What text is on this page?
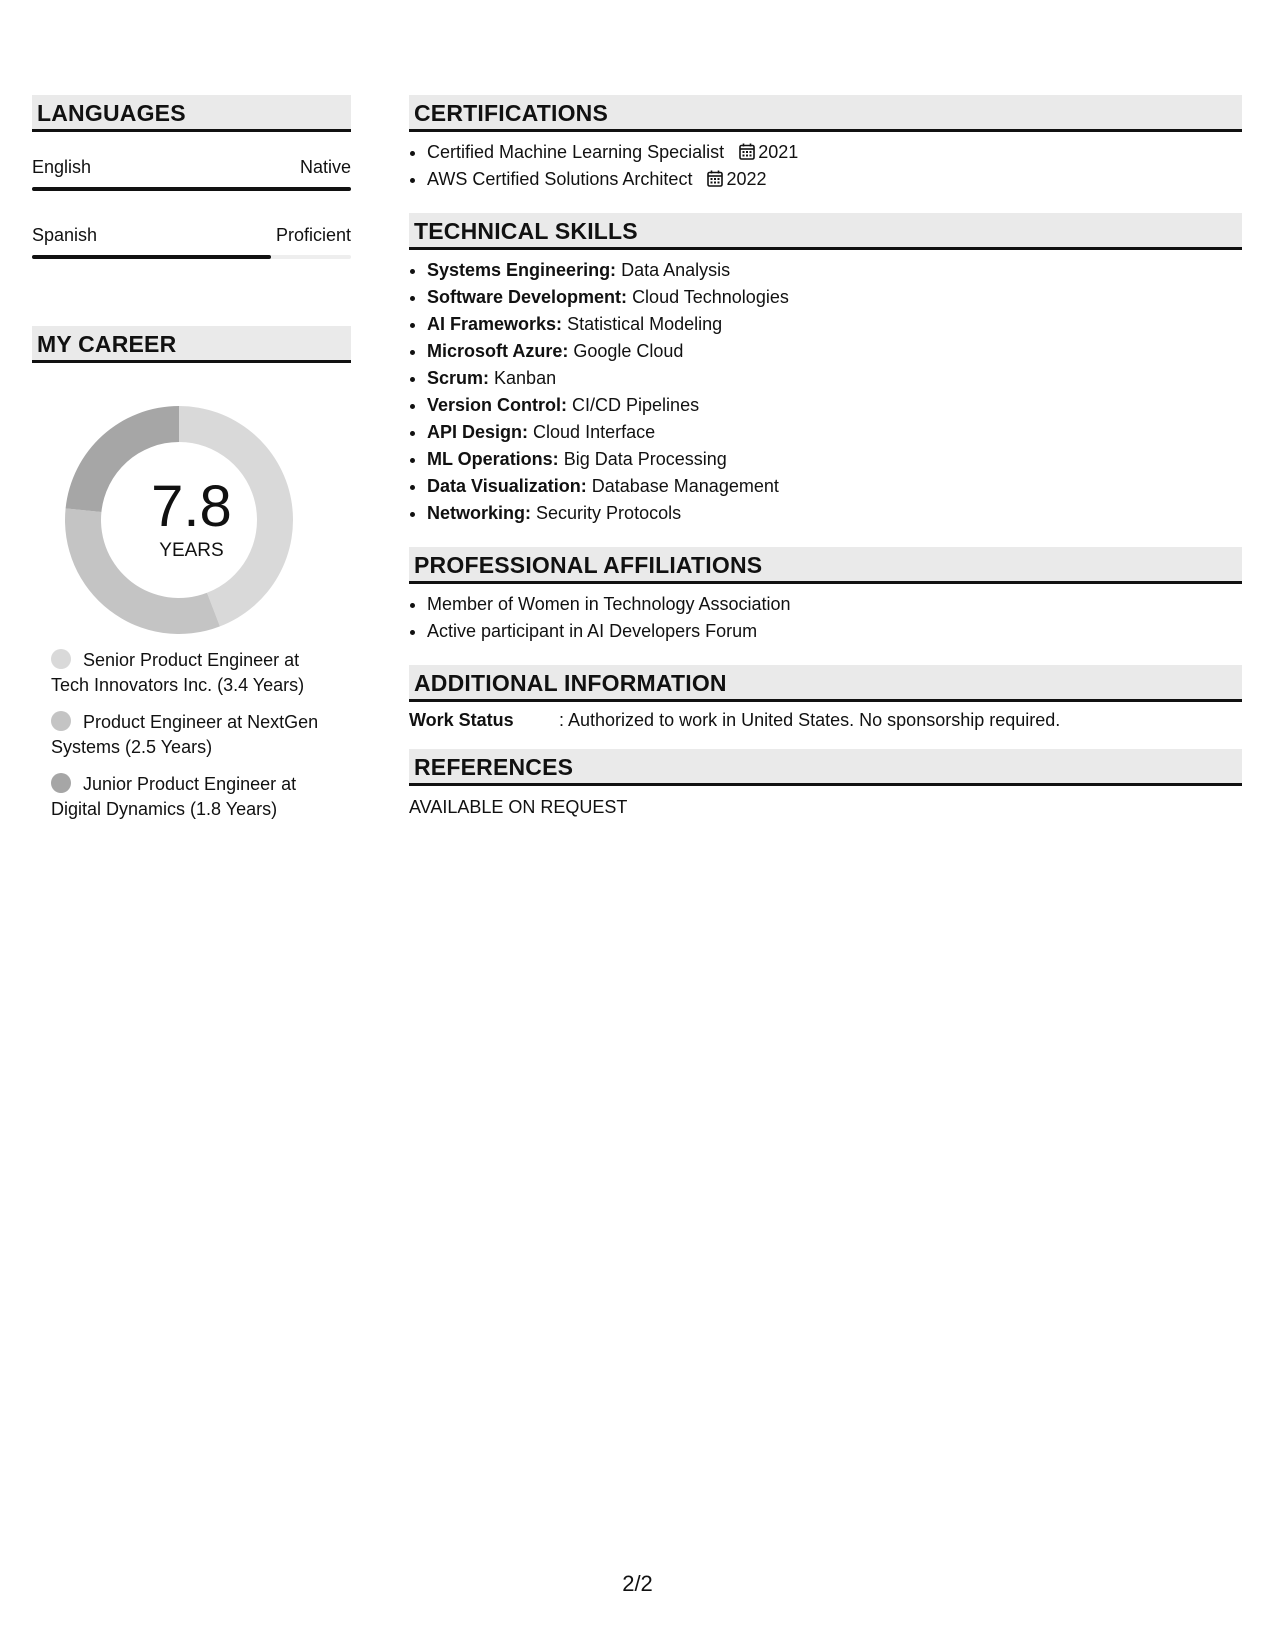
LANGUAGES
English	Native
Spanish	Proficient
MY CAREER
7.8
YEARS
Senior Product Engineer at Tech Innovators Inc. (3.4 Years)
Product Engineer at NextGen Systems (2.5 Years)
Junior Product Engineer at Digital Dynamics (1.8 Years)
CERTIFICATIONS
• Certified Machine Learning Specialist 2021
• AWS Certified Solutions Architect 2022
TECHNICAL SKILLS
• Systems Engineering: Data Analysis
• Software Development: Cloud Technologies
• AI Frameworks: Statistical Modeling
• Microsoft Azure: Google Cloud
• Scrum: Kanban
• Version Control: CI/CD Pipelines
• API Design: Cloud Interface
• ML Operations: Big Data Processing
• Data Visualization: Database Management
• Networking: Security Protocols
PROFESSIONAL AFFILIATIONS
• Member of Women in Technology Association
• Active participant in AI Developers Forum
ADDITIONAL INFORMATION
Work Status	: Authorized to work in United States. No sponsorship required.
REFERENCES
AVAILABLE ON REQUEST
2/2
